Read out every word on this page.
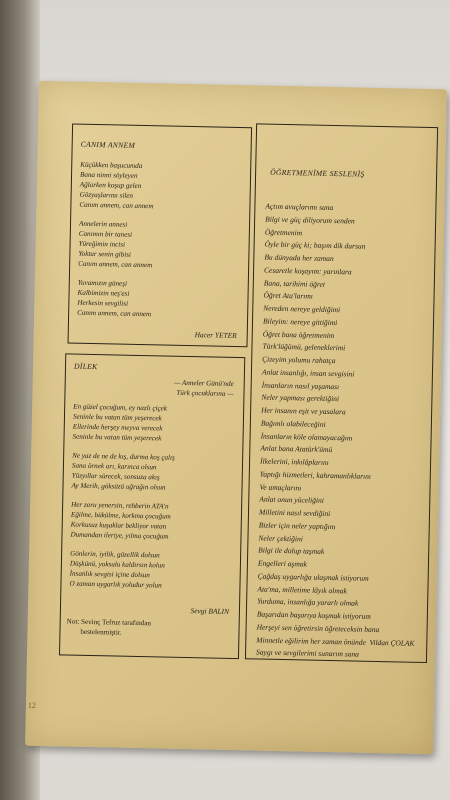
CANIM ANNEM
Küçükken başucumda
Bana ninni söyleyen
Ağlarken koşup gelen
Gözyaşlarımı silen
Canım annem, can annem
Annelerin annesi
Canımın bir tanesi
Yüreğimin incisi
Yoktur senin gibisi
Canım annem, can annem
Yuvamızın güneşi
Kalbimizin neş'esi
Herkesin sevgilisi
Canım annem, can annem
Hacer YETER
DİLEK
— Anneler Günü'nde
Türk çocuklarına —
En güzel çocuğum, ey nazlı çiçek
Seninle bu vatan tüm yeşerecek
Ellerinde herşey meyva verecek
Seninle bu vatan tüm yeşerecek
Ne yaz de ne de kış, durma koş çalış
Sana örnek arı, karınca olsun
Yüzyıllar sürecek, sonsuza akış
Ay Merih, göksüzü uğrağın olsun
Her zoru yenersin, rehberin ATA'n
Eğilme, bükülme, korkma çocuğum
Korkusuz kuşaklar bekliyor vatan
Dumandan ileriye, yılma çocuğum
Gönlerin, iyilik, güzellik dolsun
Düşkünü, yoksulu kaldırsın kolun
İnsanlık sevgisi içine dolsun
O zaman uygarlık yoludur yolun
Sevgi BALIN
Not: Sevinç Tefruz tarafından
bestelenmiştir.
ÖĞRETMENİME SESLENİŞ
Açtım avuçlarımı sana
Bilgi ve güç diliyorum senden
Öğretmenim
Öyle bir güç ki; başım dik dursun
Bu dünyada her zaman
Cesaretle koşayım: yarınlara
Bana, tarihimi öğret
Öğret Ata'larımı
Nereden nereye geldiğimi
Bileyim: nereye gittiğimi
Öğret bana öğretmenim
Türk'lüğümü, geleneklerimi
Çizeyim yolumu rahatça
Anlat insanlığı, insan sevgisini
İnsanların nasıl yaşaması
Neler yapması gerektiğini
Her insanın eşit ve yasalara
Bağımlı olabileceğini
İnsanların köle olamayacağını
Anlat bana Atatürk'ümü
İlkelerini, inkılâplarını
Yaptığı hizmetleri, kahramanlıklarını
Ve amaçlarını
Anlat onun yüceliğini
Milletini nasıl sevdiğini
Bizler için neler yaptığını
Neler çektiğini
Bilgi ile dolup taşmak
Engelleri aşmak
Çağdaş uygarlığa ulaşmak istiyorum
Ata'ma, milletime lâyık olmak
Yurduma, insanlığa yararlı olmak
Başarıdan başarıya koşmak istiyorum
Herşeyi sen öğretirsin öğreteceksin bana
Minnetle eğilirim her zaman önünde
Saygı ve sevgilerimi sunarım sana
Vildan ÇOLAK
12
